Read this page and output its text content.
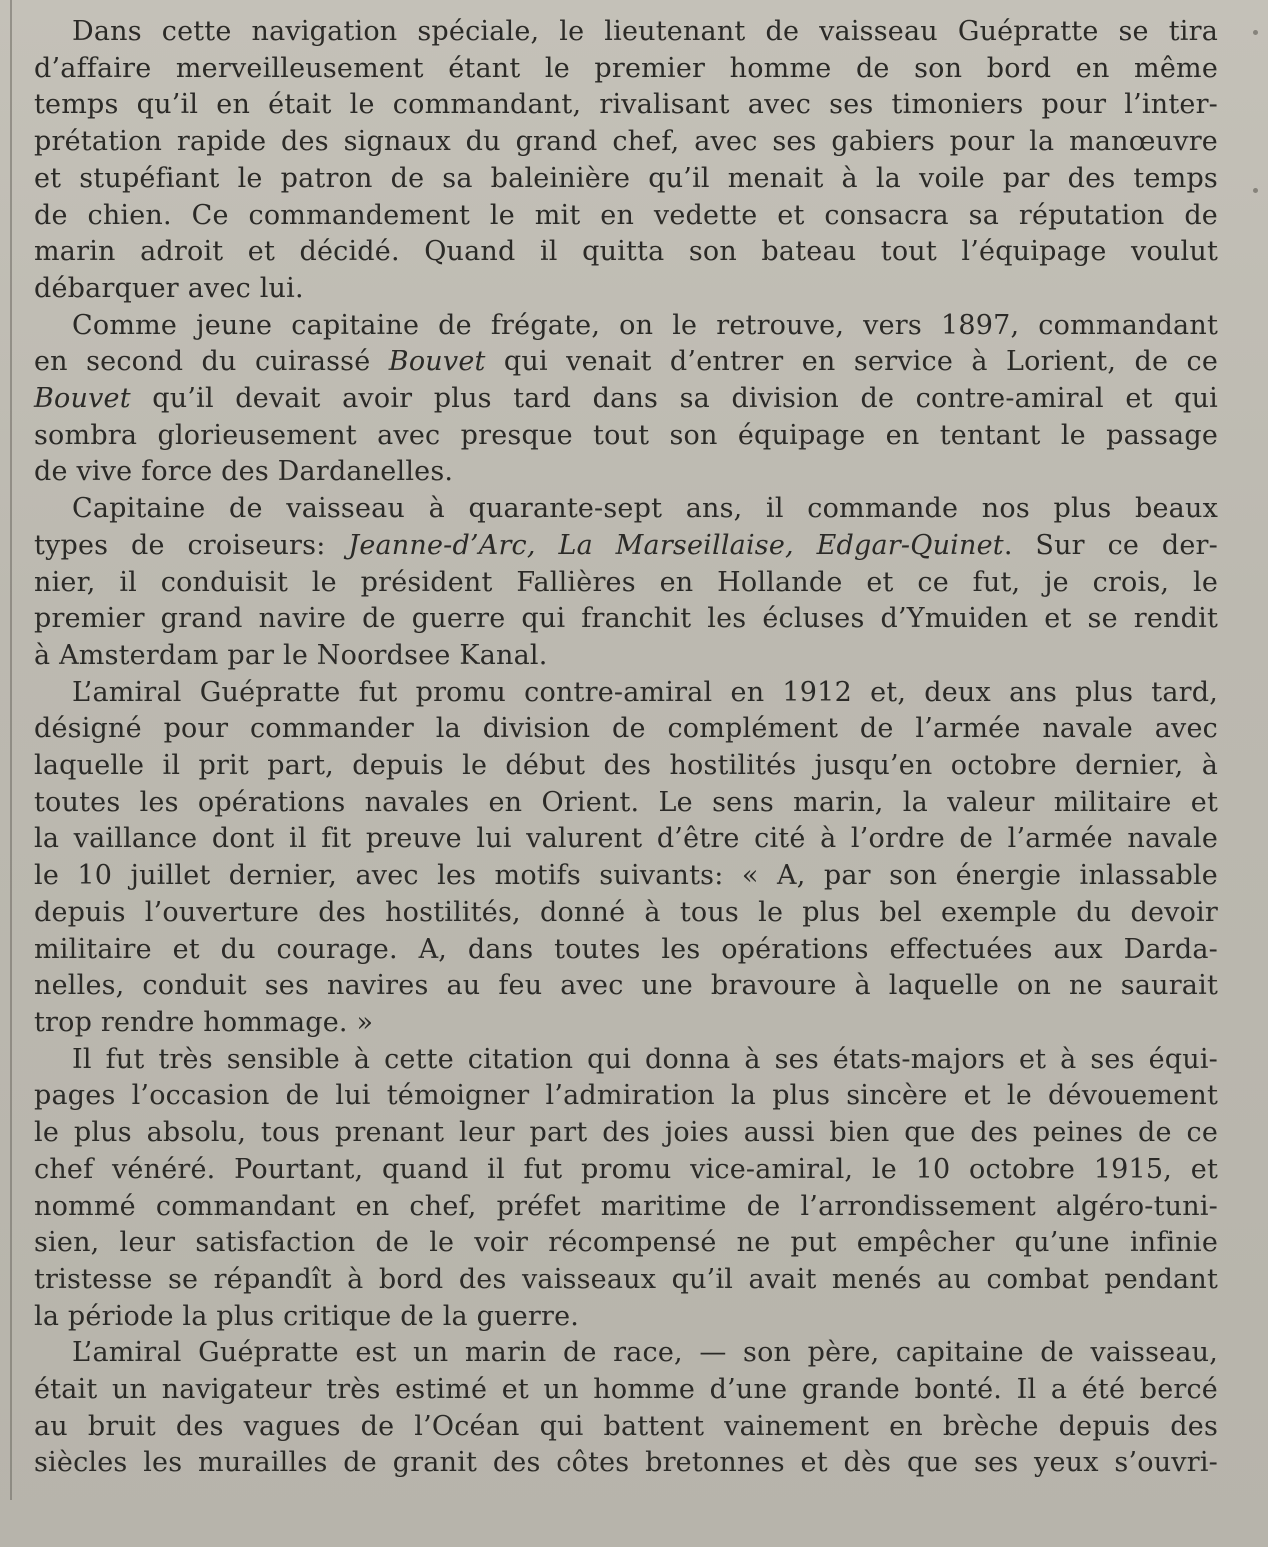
Dans cette navigation spéciale, le lieutenant de vaisseau Guépratte se tira
d’affaire merveilleusement étant le premier homme de son bord en même
temps qu’il en était le commandant, rivalisant avec ses timoniers pour l’inter-
prétation rapide des signaux du grand chef, avec ses gabiers pour la manœuvre
et stupéfiant le patron de sa baleinière qu’il menait à la voile par des temps
de chien. Ce commandement le mit en vedette et consacra sa réputation de
marin adroit et décidé. Quand il quitta son bateau tout l’équipage voulut
débarquer avec lui.

Comme jeune capitaine de frégate, on le retrouve, vers 1897, commandant
en second du cuirassé Bouvet qui venait d’entrer en service à Lorient, de ce
Bouvet qu’il devait avoir plus tard dans sa division de contre-amiral et qui
sombra glorieusement avec presque tout son équipage en tentant le passage
de vive force des Dardanelles.

Capitaine de vaisseau à quarante-sept ans, il commande nos plus beaux
types de croiseurs: Jeanne-d’Arc, La Marseillaise, Edgar-Quinet. Sur ce der-
nier, il conduisit le président Fallières en Hollande et ce fut, je crois, le
premier grand navire de guerre qui franchit les écluses d’Ymuiden et se rendit
à Amsterdam par le Noordsee Kanal.

L’amiral Guépratte fut promu contre-amiral en 1912 et, deux ans plus tard,
désigné pour commander la division de complément de l’armée navale avec
laquelle il prit part, depuis le début des hostilités jusqu’en octobre dernier, à
toutes les opérations navales en Orient. Le sens marin, la valeur militaire et
la vaillance dont il fit preuve lui valurent d’être cité à l’ordre de l’armée navale
le 10 juillet dernier, avec les motifs suivants: « A, par son énergie inlassable
depuis l’ouverture des hostilités, donné à tous le plus bel exemple du devoir
militaire et du courage. A, dans toutes les opérations effectuées aux Darda-
nelles, conduit ses navires au feu avec une bravoure à laquelle on ne saurait
trop rendre hommage. »

Il fut très sensible à cette citation qui donna à ses états-majors et à ses équi-
pages l’occasion de lui témoigner l’admiration la plus sincère et le dévouement
le plus absolu, tous prenant leur part des joies aussi bien que des peines de ce
chef vénéré. Pourtant, quand il fut promu vice-amiral, le 10 octobre 1915, et
nommé commandant en chef, préfet maritime de l’arrondissement algéro-tuni-
sien, leur satisfaction de le voir récompensé ne put empêcher qu’une infinie
tristesse se répandît à bord des vaisseaux qu’il avait menés au combat pendant
la période la plus critique de la guerre.

L’amiral Guépratte est un marin de race, — son père, capitaine de vaisseau,
était un navigateur très estimé et un homme d’une grande bonté. Il a été bercé
au bruit des vagues de l’Océan qui battent vainement en brèche depuis des
siècles les murailles de granit des côtes bretonnes et dès que ses yeux s’ouvri-
